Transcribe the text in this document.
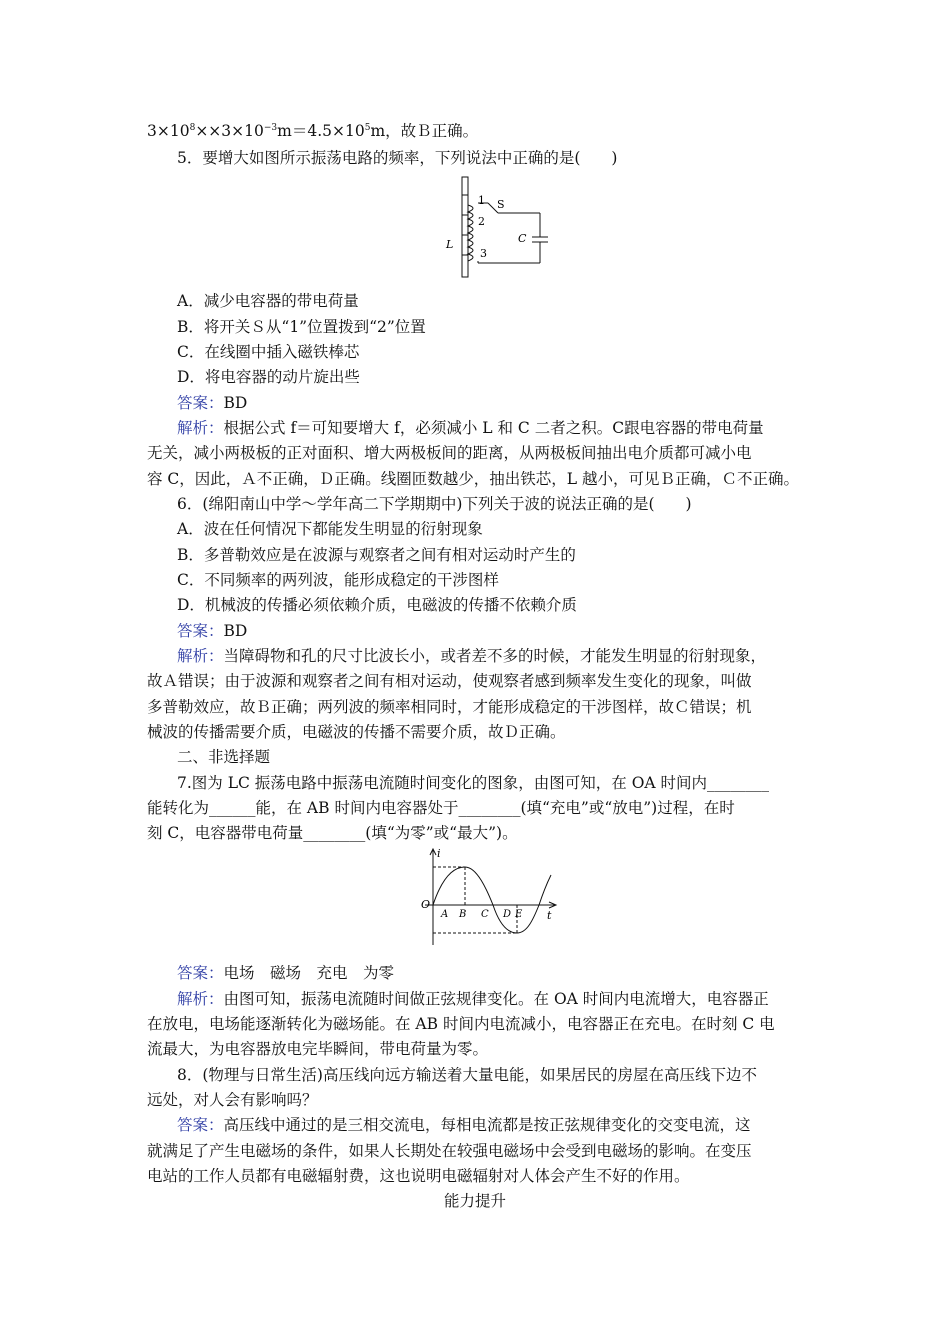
$3\times 10^8\times\times 3\times 10^{-3}m=4.5\times 10^5m$，故Ｂ正确。
5．要增大如图所示振荡电路的频率，下列说法中正确的是(　　)
1
2
3
S
L	C
A．减少电容器的带电荷量
B．将开关Ｓ从“1”位置拨到“2”位置
C．在线圈中插入磁铁棒芯
D．将电容器的动片旋出些
答案：BD
解析：根据公式 f＝可知要增大 f，必须减小 L 和 C 二者之积。C跟电容器的带电荷量
无关，减小两极板的正对面积、增大两极板间的距离，从两极板间抽出电介质都可减小电
容 C，因此，Ａ不正确，Ｄ正确。线圈匝数越少，抽出铁芯，L 越小，可见Ｂ正确，Ｃ不正确。
6．(绵阳南山中学～学年高二下学期期中)下列关于波的说法正确的是(　　)
A．波在任何情况下都能发生明显的衍射现象
B．多普勒效应是在波源与观察者之间有相对运动时产生的
C．不同频率的两列波，能形成稳定的干涉图样
D．机械波的传播必须依赖介质，电磁波的传播不依赖介质
答案：BD
解析：当障碍物和孔的尺寸比波长小，或者差不多的时候，才能发生明显的衍射现象，
故Ａ错误；由于波源和观察者之间有相对运动，使观察者感到频率发生变化的现象，叫做
多普勒效应，故Ｂ正确；两列波的频率相同时，才能形成稳定的干涉图样，故Ｃ错误；机
械波的传播需要介质，电磁波的传播不需要介质，故Ｄ正确。
二、非选择题
7.图为 LC 振荡电路中振荡电流随时间变化的图象，由图可知，在 OA 时间内________
能转化为______能，在 AB 时间内电容器处于________(填“充电”或“放电”)过程，在时
刻 C，电容器带电荷量________(填“为零”或“最大”)。
i
t
O
A B C D E
答案：电场　磁场　充电　为零
解析：由图可知，振荡电流随时间做正弦规律变化。在 OA 时间内电流增大，电容器正
在放电，电场能逐渐转化为磁场能。在 AB 时间内电流减小，电容器正在充电。在时刻 C 电
流最大，为电容器放电完毕瞬间，带电荷量为零。
8．(物理与日常生活)高压线向远方输送着大量电能，如果居民的房屋在高压线下边不
远处，对人会有影响吗？
答案：高压线中通过的是三相交流电，每相电流都是按正弦规律变化的交变电流，这
就满足了产生电磁场的条件，如果人长期处在较强电磁场中会受到电磁场的影响。在变压
电站的工作人员都有电磁辐射费，这也说明电磁辐射对人体会产生不好的作用。
能力提升
